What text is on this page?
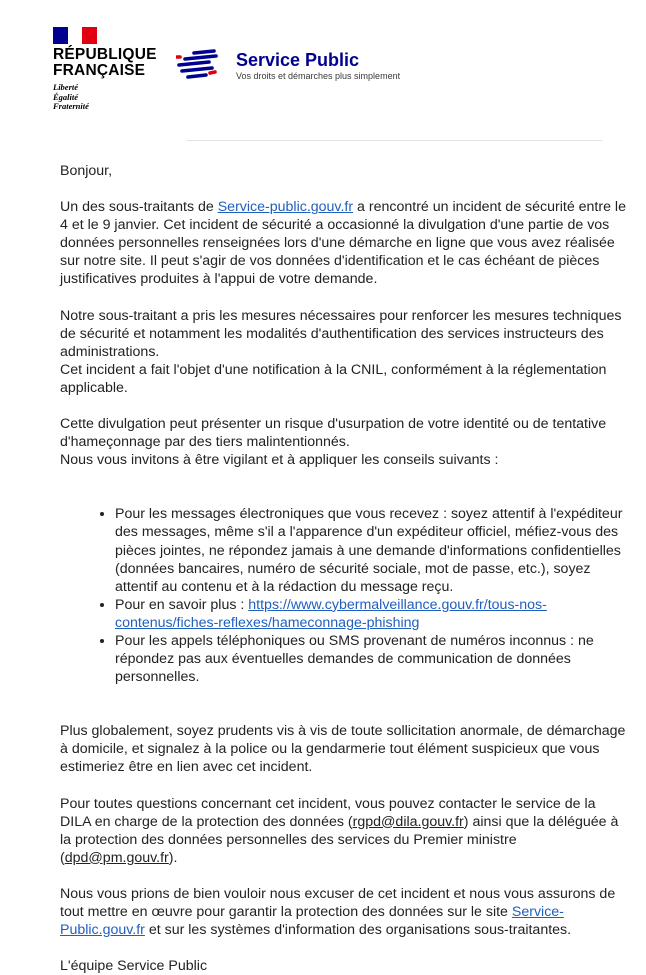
RÉPUBLIQUE
FRANÇAISE
Liberté
Égalité
Fraternité
Service Public
Vos droits et démarches plus simplement

Bonjour,

Un des sous-traitants de Service-public.gouv.fr a rencontré un incident de sécurité entre le 4 et le 9 janvier. Cet incident de sécurité a occasionné la divulgation d'une partie de vos données personnelles renseignées lors d'une démarche en ligne que vous avez réalisée sur notre site. Il peut s'agir de vos données d'identification et le cas échéant de pièces justificatives produites à l'appui de votre demande.

Notre sous-traitant a pris les mesures nécessaires pour renforcer les mesures techniques de sécurité et notamment les modalités d'authentification des services instructeurs des administrations.
Cet incident a fait l'objet d'une notification à la CNIL, conformément à la réglementation applicable.

Cette divulgation peut présenter un risque d'usurpation de votre identité ou de tentative d'hameçonnage par des tiers malintentionnés.
Nous vous invitons à être vigilant et à appliquer les conseils suivants :

• Pour les messages électroniques que vous recevez : soyez attentif à l'expéditeur des messages, même s'il a l'apparence d'un expéditeur officiel, méfiez-vous des pièces jointes, ne répondez jamais à une demande d'informations confidentielles (données bancaires, numéro de sécurité sociale, mot de passe, etc.), soyez attentif au contenu et à la rédaction du message reçu.
• Pour en savoir plus : https://www.cybermalveillance.gouv.fr/tous-nos-contenus/fiches-reflexes/hameconnage-phishing
• Pour les appels téléphoniques ou SMS provenant de numéros inconnus : ne répondez pas aux éventuelles demandes de communication de données personnelles.

Plus globalement, soyez prudents vis à vis de toute sollicitation anormale, de démarchage à domicile, et signalez à la police ou la gendarmerie tout élément suspicieux que vous estimeriez être en lien avec cet incident.

Pour toutes questions concernant cet incident, vous pouvez contacter le service de la DILA en charge de la protection des données (rgpd@dila.gouv.fr) ainsi que la déléguée à la protection des données personnelles des services du Premier ministre (dpd@pm.gouv.fr).

Nous vous prions de bien vouloir nous excuser de cet incident et nous vous assurons de tout mettre en œuvre pour garantir la protection des données sur le site Service-Public.gouv.fr et sur les systèmes d'information des organisations sous-traitantes.

L'équipe Service Public
